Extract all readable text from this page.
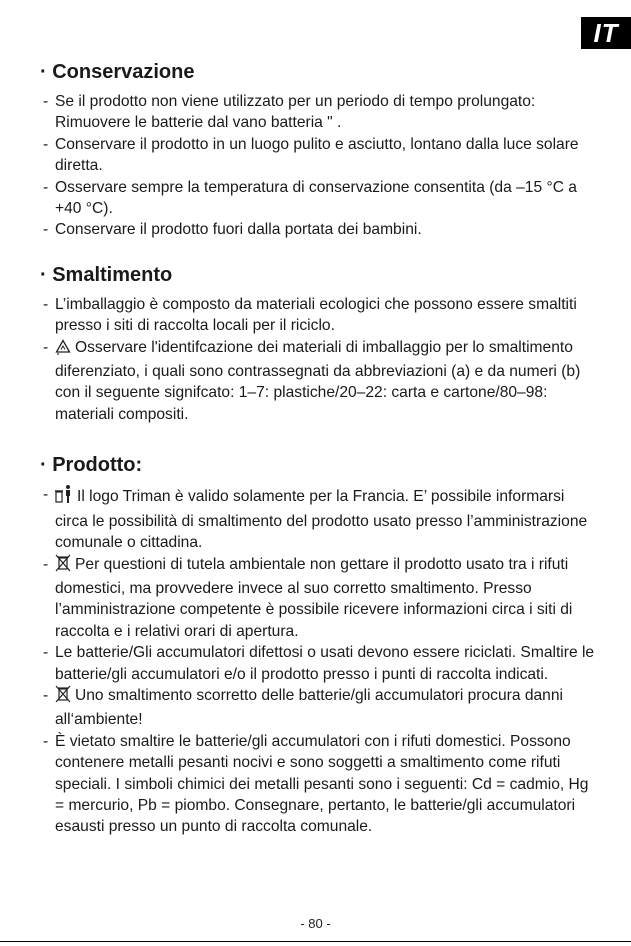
IT
· Conservazione
- Se il prodotto non viene utilizzato per un periodo di tempo prolungato: Rimuovere le batterie dal vano batteria " .
- Conservare il prodotto in un luogo pulito e asciutto, lontano dalla luce solare diretta.
- Osservare sempre la temperatura di conservazione consentita (da –15 °C a +40 °C).
- Conservare il prodotto fuori dalla portata dei bambini.
· Smaltimento
- L’imballaggio è composto da materiali ecologici che possono essere smaltiti presso i siti di raccolta locali per il riciclo.
- Osservare l'identifcazione dei materiali di imballaggio per lo smaltimento diferenziato, i quali sono contrassegnati da abbreviazioni (a) e da numeri (b) con il seguente signifcato: 1–7: plastiche/20–22: carta e cartone/80–98: materiali compositi.
· Prodotto:
- Il logo Triman è valido solamente per la Francia. E’ possibile informarsi circa le possibilità di smaltimento del prodotto usato presso l’amministrazione comunale o cittadina.
- Per questioni di tutela ambientale non gettare il prodotto usato tra i rifuti domestici, ma provvedere invece al suo corretto smaltimento. Presso l’amministrazione competente è possibile ricevere informazioni circa i siti di raccolta e i relativi orari di apertura.
- Le batterie/Gli accumulatori difettosi o usati devono essere riciclati. Smaltire le batterie/gli accumulatori e/o il prodotto presso i punti di raccolta indicati.
- Uno smaltimento scorretto delle batterie/gli accumulatori procura danni all‘ambiente!
- È vietato smaltire le batterie/gli accumulatori con i rifuti domestici. Possono contenere metalli pesanti nocivi e sono soggetti a smaltimento come rifuti speciali. I simboli chimici dei metalli pesanti sono i seguenti: Cd = cadmio, Hg = mercurio, Pb = piombo. Consegnare, pertanto, le batterie/gli accumulatori esausti presso un punto di raccolta comunale.
- 80 -
